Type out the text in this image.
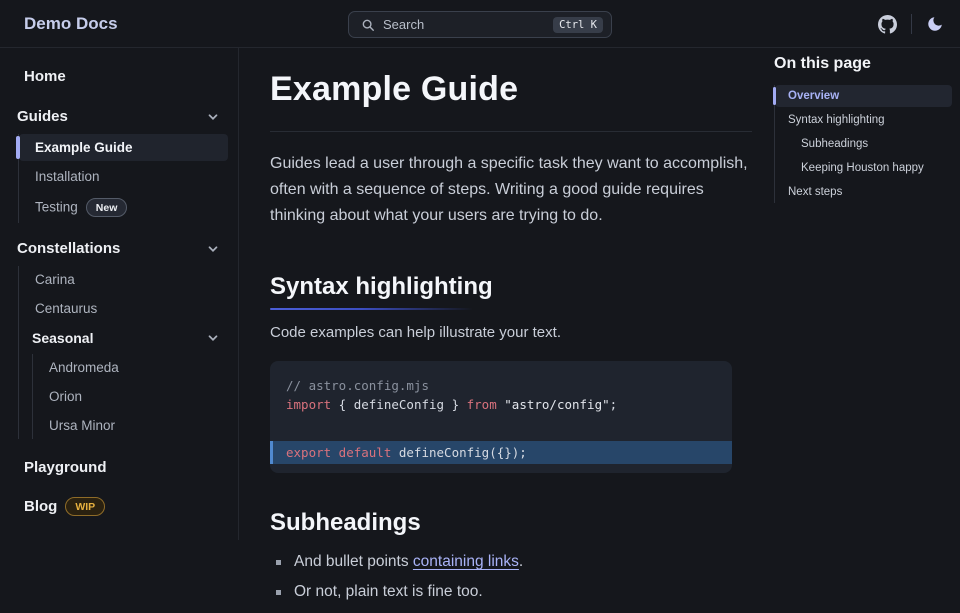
Demo Docs	Search	Ctrl K
Home
Guides
Example Guide
Installation
Testing New
Constellations
Carina
Centaurus
Seasonal
Andromeda
Orion
Ursa Minor
Playground
Blog	WIP
Example Guide

Guides lead a user through a specific task they want to accomplish, often with a sequence of steps. Writing a good guide requires thinking about what your users are trying to do.

Syntax highlighting

Code examples can help illustrate your text.

// astro.config.mjs
import { defineConfig } from "astro/config";
export default defineConfig({});
Subheadings
And bullet points containing links.
Or not, plain text is fine too.
On this page
Overview
Syntax highlighting
Subheadings
Keeping Houston happy
Next steps
